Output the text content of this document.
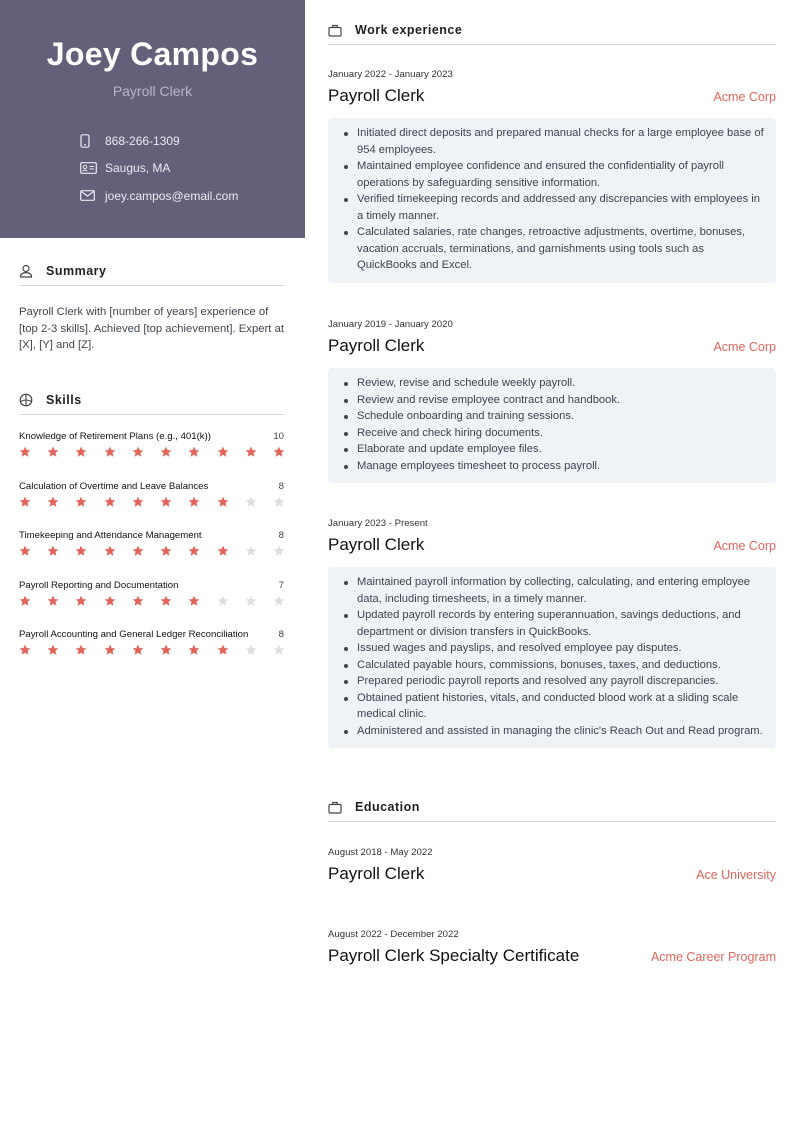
Joey Campos
Payroll Clerk
868-266-1309
Saugus, MA
joey.campos@email.com
Summary

Payroll Clerk with [number of years] experience of [top 2-3 skills]. Achieved [top achievement]. Expert at [X], [Y] and [Z].

Skills
Knowledge of Retirement Plans (e.g., 401(k))	10
Calculation of Overtime and Leave Balances	8
Timekeeping and Attendance Management	8
Payroll Reporting and Documentation	7
Payroll Accounting and General Ledger Reconciliation	8
Work experience
January 2022 - January 2023
Payroll Clerk	Acme Corp
Initiated direct deposits and prepared manual checks for a large employee base of 954 employees.
Maintained employee confidence and ensured the confidentiality of payroll operations by safeguarding sensitive information.
Verified timekeeping records and addressed any discrepancies with employees in a timely manner.
Calculated salaries, rate changes, retroactive adjustments, overtime, bonuses, vacation accruals, terminations, and garnishments using tools such as QuickBooks and Excel.
January 2019 - January 2020
Payroll Clerk	Acme Corp
Review, revise and schedule weekly payroll.
Review and revise employee contract and handbook.
Schedule onboarding and training sessions.
Receive and check hiring documents.
Elaborate and update employee files.
Manage employees timesheet to process payroll.
January 2023 - Present
Payroll Clerk	Acme Corp
Maintained payroll information by collecting, calculating, and entering employee data, including timesheets, in a timely manner.
Updated payroll records by entering superannuation, savings deductions, and department or division transfers in QuickBooks.
Issued wages and payslips, and resolved employee pay disputes.
Calculated payable hours, commissions, bonuses, taxes, and deductions.
Prepared periodic payroll reports and resolved any payroll discrepancies.
Obtained patient histories, vitals, and conducted blood work at a sliding scale medical clinic.
Administered and assisted in managing the clinic's Reach Out and Read program.
Education
August 2018 - May 2022
Payroll Clerk	Ace University
August 2022 - December 2022
Payroll Clerk Specialty Certificate	Acme Career Program
